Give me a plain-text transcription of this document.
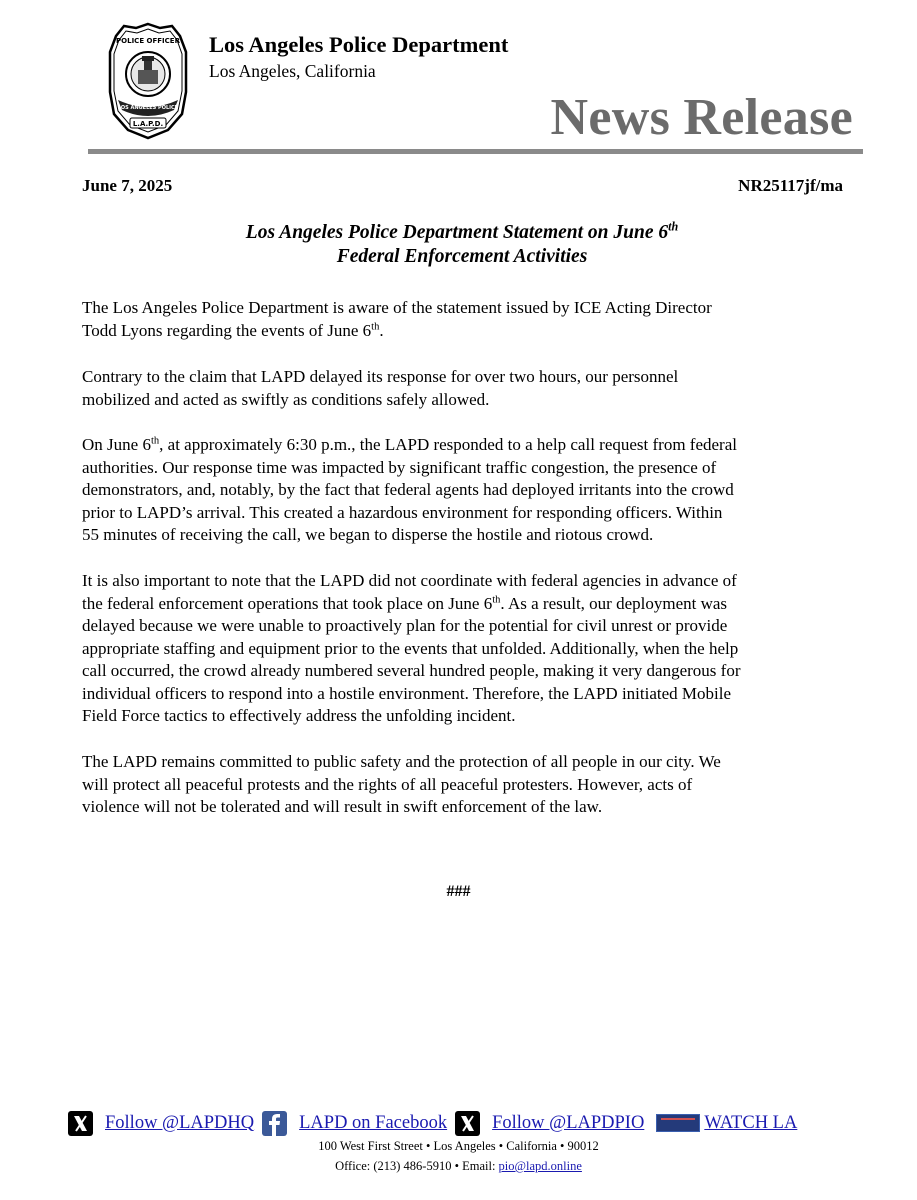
POLICE OFFICER
LOS ANGELES POLICE
L.A.P.D.
Los Angeles Police Department
Los Angeles, California
News Release
June 7, 2025	NR25117jf/ma
Los Angeles Police Department Statement on June 6th
Federal Enforcement Activities
The Los Angeles Police Department is aware of the statement issued by ICE Acting Director
Todd Lyons regarding the events of June 6th.
Contrary to the claim that LAPD delayed its response for over two hours, our personnel
mobilized and acted as swiftly as conditions safely allowed.
On June 6th, at approximately 6:30 p.m., the LAPD responded to a help call request from federal
authorities. Our response time was impacted by significant traffic congestion, the presence of
demonstrators, and, notably, by the fact that federal agents had deployed irritants into the crowd
prior to LAPD’s arrival. This created a hazardous environment for responding officers. Within
55 minutes of receiving the call, we began to disperse the hostile and riotous crowd.
It is also important to note that the LAPD did not coordinate with federal agencies in advance of
the federal enforcement operations that took place on June 6th. As a result, our deployment was
delayed because we were unable to proactively plan for the potential for civil unrest or provide
appropriate staffing and equipment prior to the events that unfolded. Additionally, when the help
call occurred, the crowd already numbered several hundred people, making it very dangerous for
individual officers to respond into a hostile environment. Therefore, the LAPD initiated Mobile
Field Force tactics to effectively address the unfolding incident.
The LAPD remains committed to public safety and the protection of all people in our city. We
will protect all peaceful protests and the rights of all peaceful protesters. However, acts of
violence will not be tolerated and will result in swift enforcement of the law.
###
Follow @LAPDHQ LAPD on Facebook Follow @LAPDPIO	WATCH LA
100 West First Street • Los Angeles • California • 90012
Office: (213) 486-5910 • Email: pio@lapd.online
